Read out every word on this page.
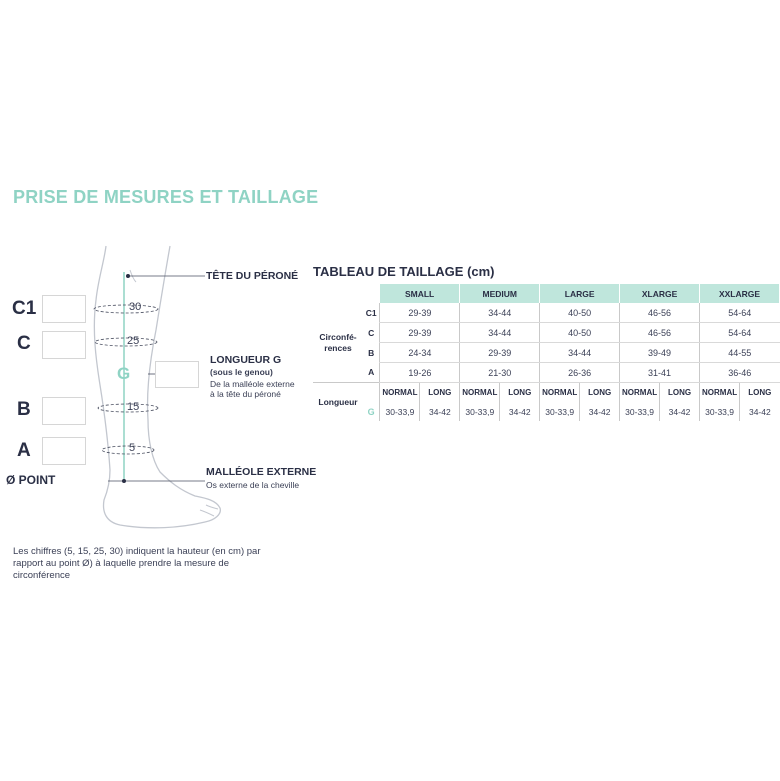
PRISE DE MESURES ET TAILLAGE
30
25
15
5
G
C1
C
B
A
Ø POINT
TÊTE DU PÉRONÉ
LONGUEUR G
(sous le genou)
De la malléole externe
à la tête du péroné
MALLÉOLE EXTERNE
Os externe de la cheville
Les chiffres (5, 15, 25, 30) indiquent la hauteur (en cm) par rapport au point Ø) à laquelle prendre la mesure de circonférence
TABLEAU DE TAILLAGE (cm)
		SMALL		MEDIUM		LARGE		XLARGE		XXLARGE	

Circonfé-
rences	C1	29-39		34-44		40-50		46-56		54-64	
	C	29-39		34-44		40-50		46-56		54-64	
	B	24-34		29-39		34-44		39-49		44-55	
	A	19-26		21-30		26-36		31-41		36-46	
Longueur		NORMAL	LONG	NORMAL	LONG	NORMAL	LONG	NORMAL	LONG	NORMAL	LONG
	G	30-33,9	34-42	30-33,9	34-42	30-33,9	34-42	30-33,9	34-42	30-33,9	34-42
